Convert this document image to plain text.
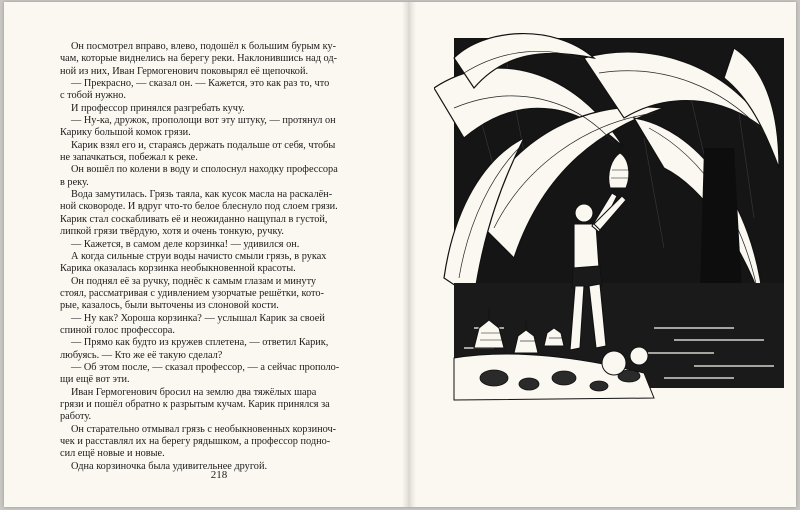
Он посмотрел вправо, влево, подошёл к большим бурым ку-

чам, которые виднелись на берегу реки. Наклонившись над од-

ной из них, Иван Гермогенович поковырял её щепочкой.

— Прекрасно, — сказал он. — Кажется, это как раз то, что

с тобой нужно.

И профессор принялся разгребать кучу.

— Ну-ка, дружок, прополощи вот эту штуку, — протянул он

Карику большой комок грязи.

Карик взял его и, стараясь держать подальше от себя, чтобы

не запачкаться, побежал к реке.

Он вошёл по колени в воду и сполоснул находку профессора

в реку.

Вода замутилась. Грязь таяла, как кусок масла на раскалён-

ной сковороде. И вдруг что-то белое блеснуло под слоем грязи.

Карик стал соскабливать её и неожиданно нащупал в густой,

липкой грязи твёрдую, хотя и очень тонкую, ручку.

— Кажется, в самом деле корзинка! — удивился он.

А когда сильные струи воды начисто смыли грязь, в руках

Карика оказалась корзинка необыкновенной красоты.

Он поднял её за ручку, поднёс к самым глазам и минуту

стоял, рассматривая с удивлением узорчатые решётки, кото-

рые, казалось, были выточены из слоновой кости.

— Ну как? Хороша корзинка? — услышал Карик за своей

спиной голос профессора.

— Прямо как будто из кружев сплетена, — ответил Карик,

любуясь. — Кто же её такую сделал?

— Об этом после, — сказал профессор, — а сейчас прополо-

щи ещё вот эти.

Иван Гермогенович бросил на землю два тяжёлых шара

грязи и пошёл обратно к разрытым кучам. Карик принялся за

работу.

Он старательно отмывал грязь с необыкновенных корзиноч-

чек и расставлял их на берегу рядышком, а профессор подно-

сил ещё новые и новые.

Одна корзиночка была удивительнее другой.

218
